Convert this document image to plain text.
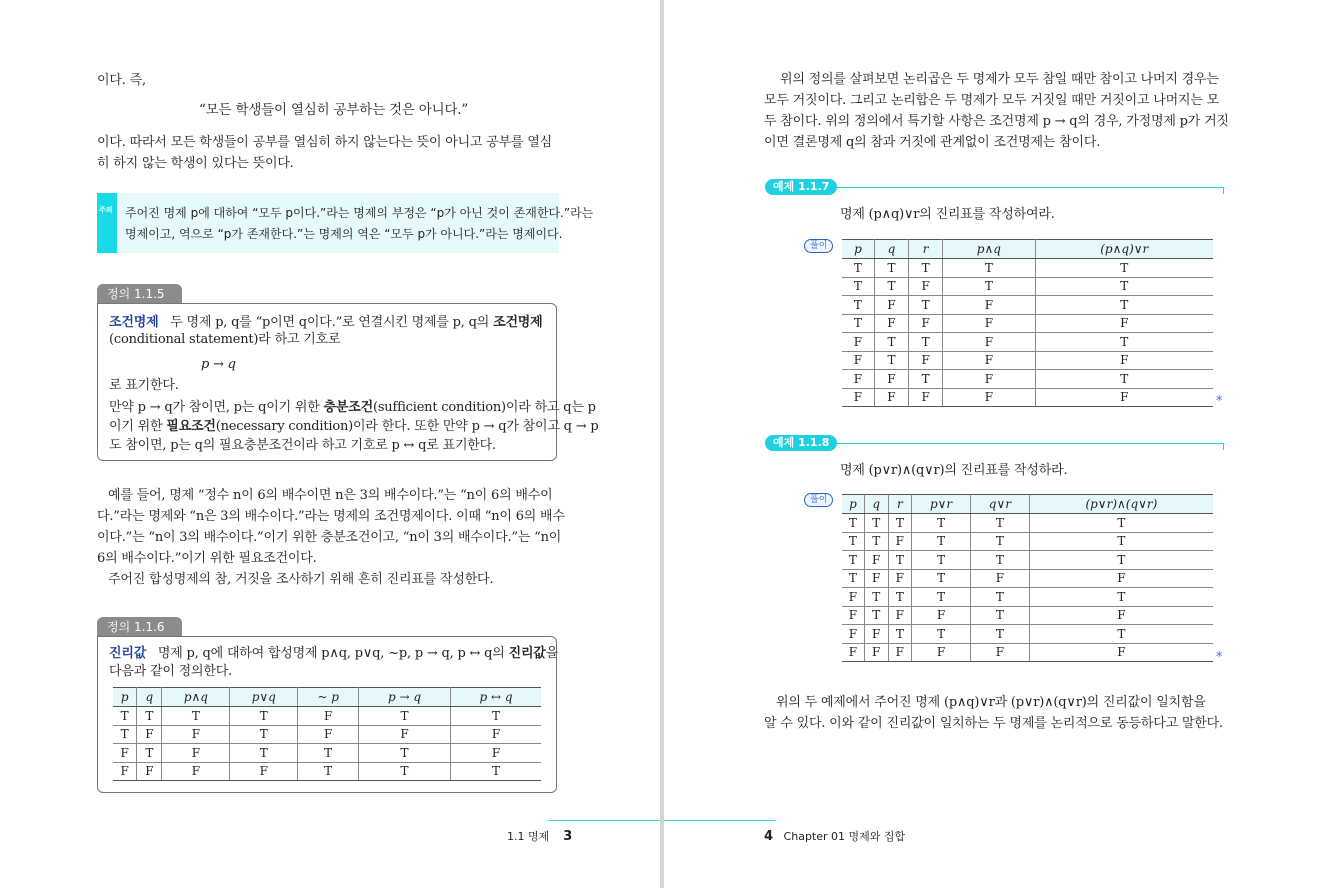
이다. 즉,
“모든 학생들이 열심히 공부하는 것은 아니다.”
이다. 따라서 모든 학생들이 공부를 열심히 하지 않는다는 뜻이 아니고 공부를 열심
히 하지 않는 학생이 있다는 뜻이다.
주의 주어진 명제 p에 대하여 “모두 p이다.”라는 명제의 부정은 “p가 아닌 것이 존재한다.”라는
명제이고, 역으로 “p가 존재한다.”는 명제의 역은 “모두 p가 아니다.”라는 명제이다.
정의 1.1.5
조건명제 두 명제 p, q를 “p이면 q이다.”로 연결시킨 명제를 p, q의 조건명제
(conditional statement)라 하고 기호로
p → q
로 표기한다.
만약 p → q가 참이면, p는 q이기 위한 충분조건(sufficient condition)이라 하고 q는 p
이기 위한 필요조건(necessary condition)이라 한다. 또한 만약 p → q가 참이고 q → p
도 참이면, p는 q의 필요충분조건이라 하고 기호로 p ↔ q로 표기한다.
예를 들어, 명제 “정수 n이 6의 배수이면 n은 3의 배수이다.”는 “n이 6의 배수이
다.”라는 명제와 “n은 3의 배수이다.”라는 명제의 조건명제이다. 이때 “n이 6의 배수
이다.”는 “n이 3의 배수이다.”이기 위한 충분조건이고, “n이 3의 배수이다.”는 “n이
6의 배수이다.”이기 위한 필요조건이다.
주어진 합성명제의 참, 거짓을 조사하기 위해 흔히 진리표를 작성한다.
정의 1.1.6
진리값 명제 p, q에 대하여 합성명제 p∧q, p∨q, ~p, p → q, p ↔ q의 진리값을
다음과 같이 정의한다.
p	q	p∧q	p∨q	~ p	p → q	p ↔ q
T	T	T	T	F	T	T
T	F	F	T	F	F	F
F	T	F	T	T	T	F
F	F	F	F	T	T	T
1.1 명제 3
위의 정의를 살펴보면 논리곱은 두 명제가 모두 참일 때만 참이고 나머지 경우는
모두 거짓이다. 그리고 논리합은 두 명제가 모두 거짓일 때만 거짓이고 나머지는 모
두 참이다. 위의 정의에서 특기할 사항은 조건명제 p → q의 경우, 가정명제 p가 거짓
이면 결론명제 q의 참과 거짓에 관계없이 조건명제는 참이다.
예제 1.1.7
명제 (p∧q)∨r의 진리표를 작성하여라.
풀이	p	q	r	p∧q	(p∧q)∨r
T	T	T	T	T
T	T	F	T	T
T	F	T	F	T
T	F	F	F	F
F	T	T	F	T
F	T	F	F	F
F	F	T	F	T
F	F	F	F	F	*
예제 1.1.8
명제 (p∨r)∧(q∨r)의 진리표를 작성하라.
풀이	p	q	r	p∨r	q∨r	(p∨r)∧(q∨r)
T	T	T	T	T	T
T	T	F	T	T	T
T	F	T	T	T	T
T	F	F	T	F	F
F	T	T	T	T	T
F	T	F	F	T	F
F	F	T	T	T	T
F	F	F	F	F	F	*
위의 두 예제에서 주어진 명제 (p∧q)∨r과 (p∨r)∧(q∨r)의 진리값이 일치함을
알 수 있다. 이와 같이 진리값이 일치하는 두 명제를 논리적으로 동등하다고 말한다.
4 Chapter 01 명제와 집합
